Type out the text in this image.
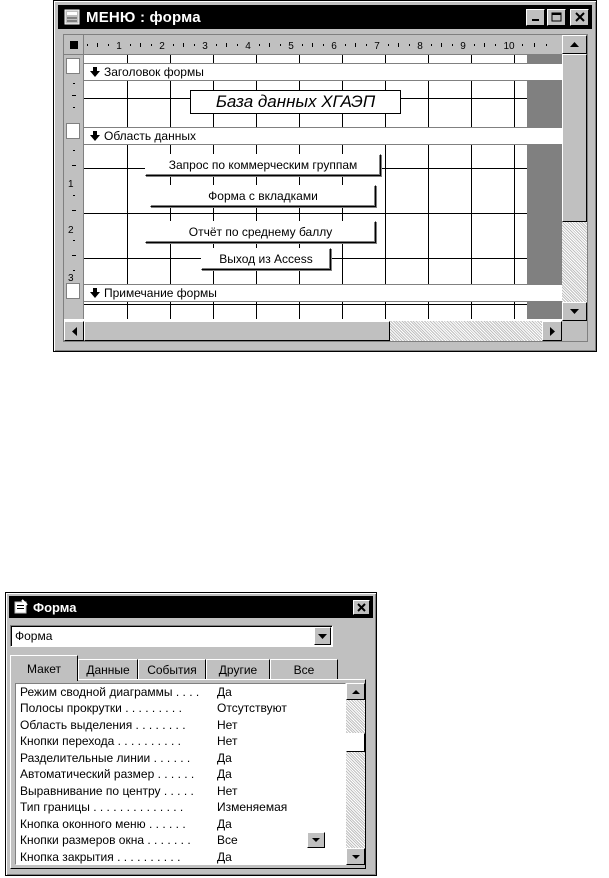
МЕНЮ : форма
1	2	3	4	5	6	7	8	9	10
1
2
3
Заголовок формы
Область данных
Примечание формы
База данных ХГАЭП
Запрос по коммерческим группам
Форма с вкладками
Отчёт по среднему баллу
Выход из Access
Форма
Форма
Макет	Данные	События	Другие	Все
Режим сводной диаграммы . . . . Да
Полосы прокрутки . . . . . . . . .	Отсутствуют
Область выделения . . . . . . . .	Нет
Кнопки перехода . . . . . . . . . .	Нет
Разделительные линии . . . . . . Да
Автоматический размер . . . . . . Да
Выравнивание по центру . . . . . Нет
Тип границы . . . . . . . . . . . . . .	Изменяемая
Кнопка оконного меню . . . . . .	Да
Кнопки размеров окна . . . . . . . Все
Кнопка закрытия . . . . . . . . . .	Да
